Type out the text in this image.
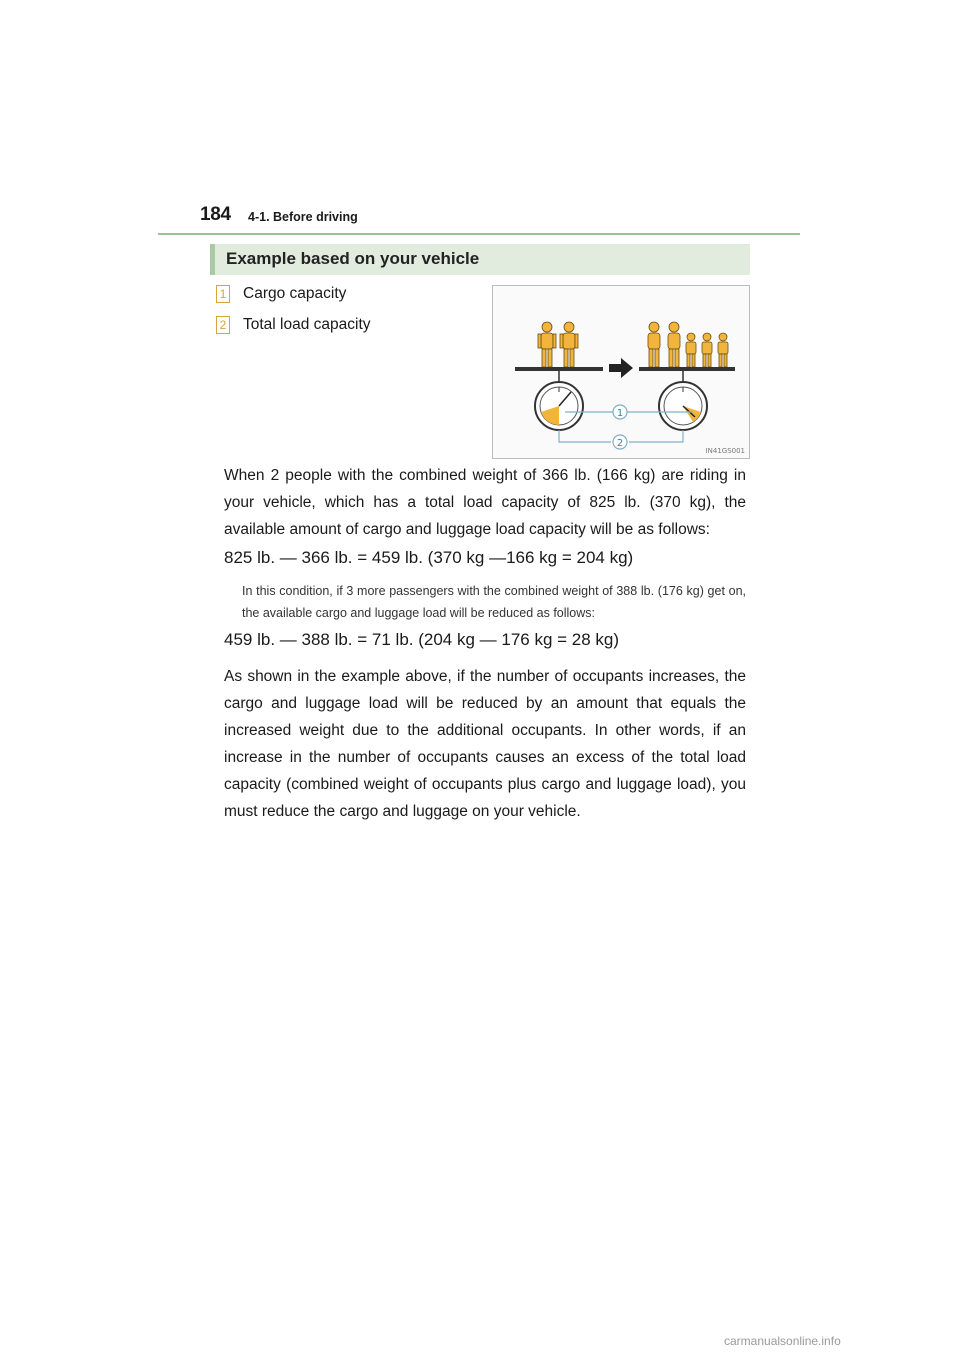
184 4-1. Before driving
Example based on your vehicle
1 Cargo capacity
2 Total load capacity
1
2
IN41GS001
When 2 people with the combined weight of 366 lb. (166 kg) are riding in your vehicle, which has a total load capacity of 825 lb. (370 kg), the available amount of cargo and luggage load capacity will be as follows:
825 lb. — 366 lb. = 459 lb. (370 kg —166 kg = 204 kg)
In this condition, if 3 more passengers with the combined weight of 388 lb. (176 kg) get on, the available cargo and luggage load will be reduced as follows:
459 lb. — 388 lb. = 71 lb. (204 kg — 176 kg = 28 kg)
As shown in the example above, if the number of occupants increases, the cargo and luggage load will be reduced by an amount that equals the increased weight due to the additional occupants. In other words, if an increase in the number of occupants causes an excess of the total load capacity (combined weight of occupants plus cargo and luggage load), you must reduce the cargo and luggage on your vehicle.
carmanualsonline.info
